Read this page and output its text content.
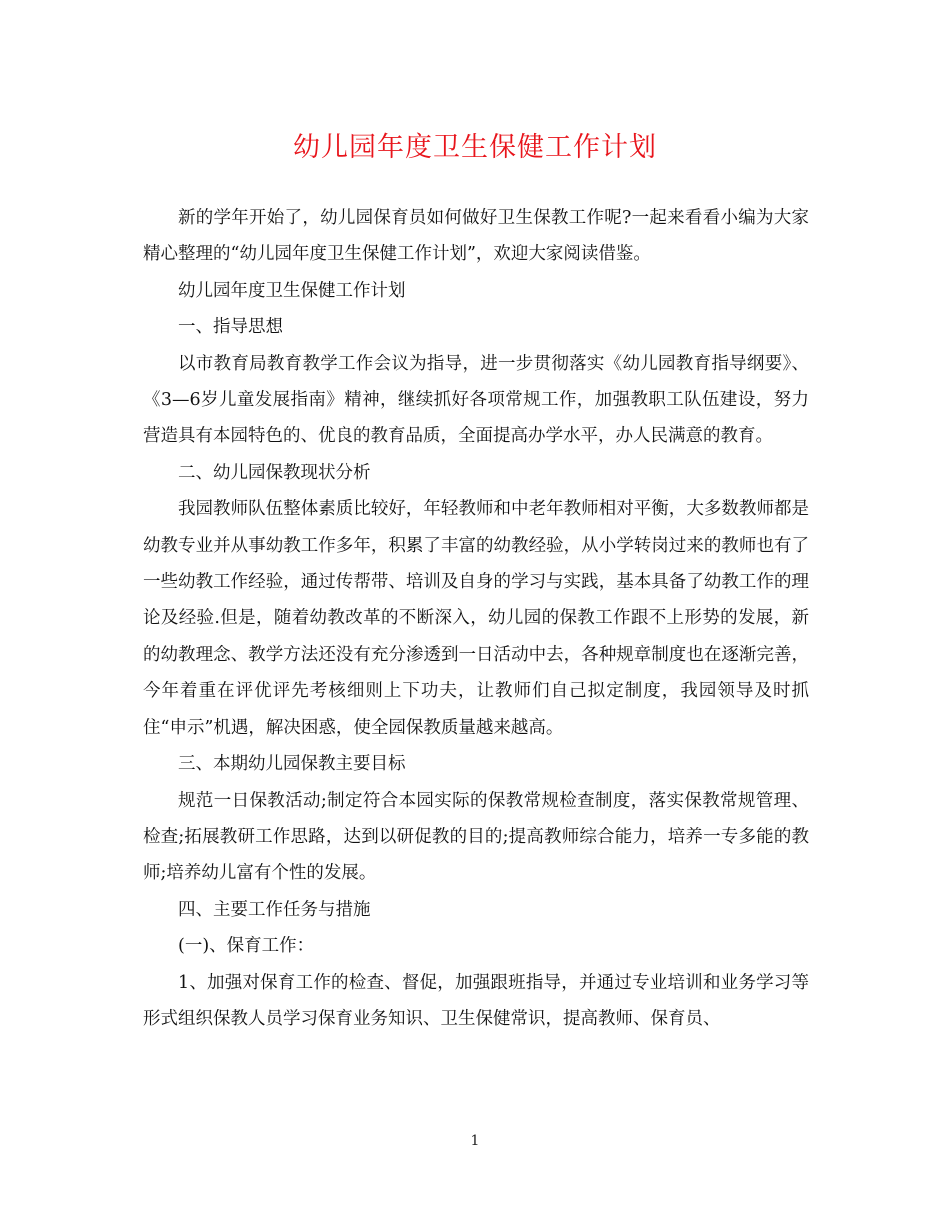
幼儿园年度卫生保健工作计划

新的学年开始了，幼儿园保育员如何做好卫生保教工作呢?一起来看看小编为大家精心整理的“幼儿园年度卫生保健工作计划”，欢迎大家阅读借鉴。

幼儿园年度卫生保健工作计划

一、指导思想

以市教育局教育教学工作会议为指导，进一步贯彻落实《幼儿园教育指导纲要》、《3—6岁儿童发展指南》精神，继续抓好各项常规工作，加强教职工队伍建设，努力营造具有本园特色的、优良的教育品质，全面提高办学水平，办人民满意的教育。

二、幼儿园保教现状分析

我园教师队伍整体素质比较好，年轻教师和中老年教师相对平衡，大多数教师都是幼教专业并从事幼教工作多年，积累了丰富的幼教经验，从小学转岗过来的教师也有了一些幼教工作经验，通过传帮带、培训及自身的学习与实践，基本具备了幼教工作的理论及经验.但是，随着幼教改革的不断深入，幼儿园的保教工作跟不上形势的发展，新的幼教理念、教学方法还没有充分渗透到一日活动中去，各种规章制度也在逐渐完善，今年着重在评优评先考核细则上下功夫，让教师们自己拟定制度，我园领导及时抓住“申示”机遇，解决困惑，使全园保教质量越来越高。

三、本期幼儿园保教主要目标

规范一日保教活动;制定符合本园实际的保教常规检查制度，落实保教常规管理、检查;拓展教研工作思路，达到以研促教的目的;提高教师综合能力，培养一专多能的教师;培养幼儿富有个性的发展。

四、主要工作任务与措施

(一)、保育工作：

1、加强对保育工作的检查、督促，加强跟班指导，并通过专业培训和业务学习等形式组织保教人员学习保育业务知识、卫生保健常识，提高教师、保育员、

1
